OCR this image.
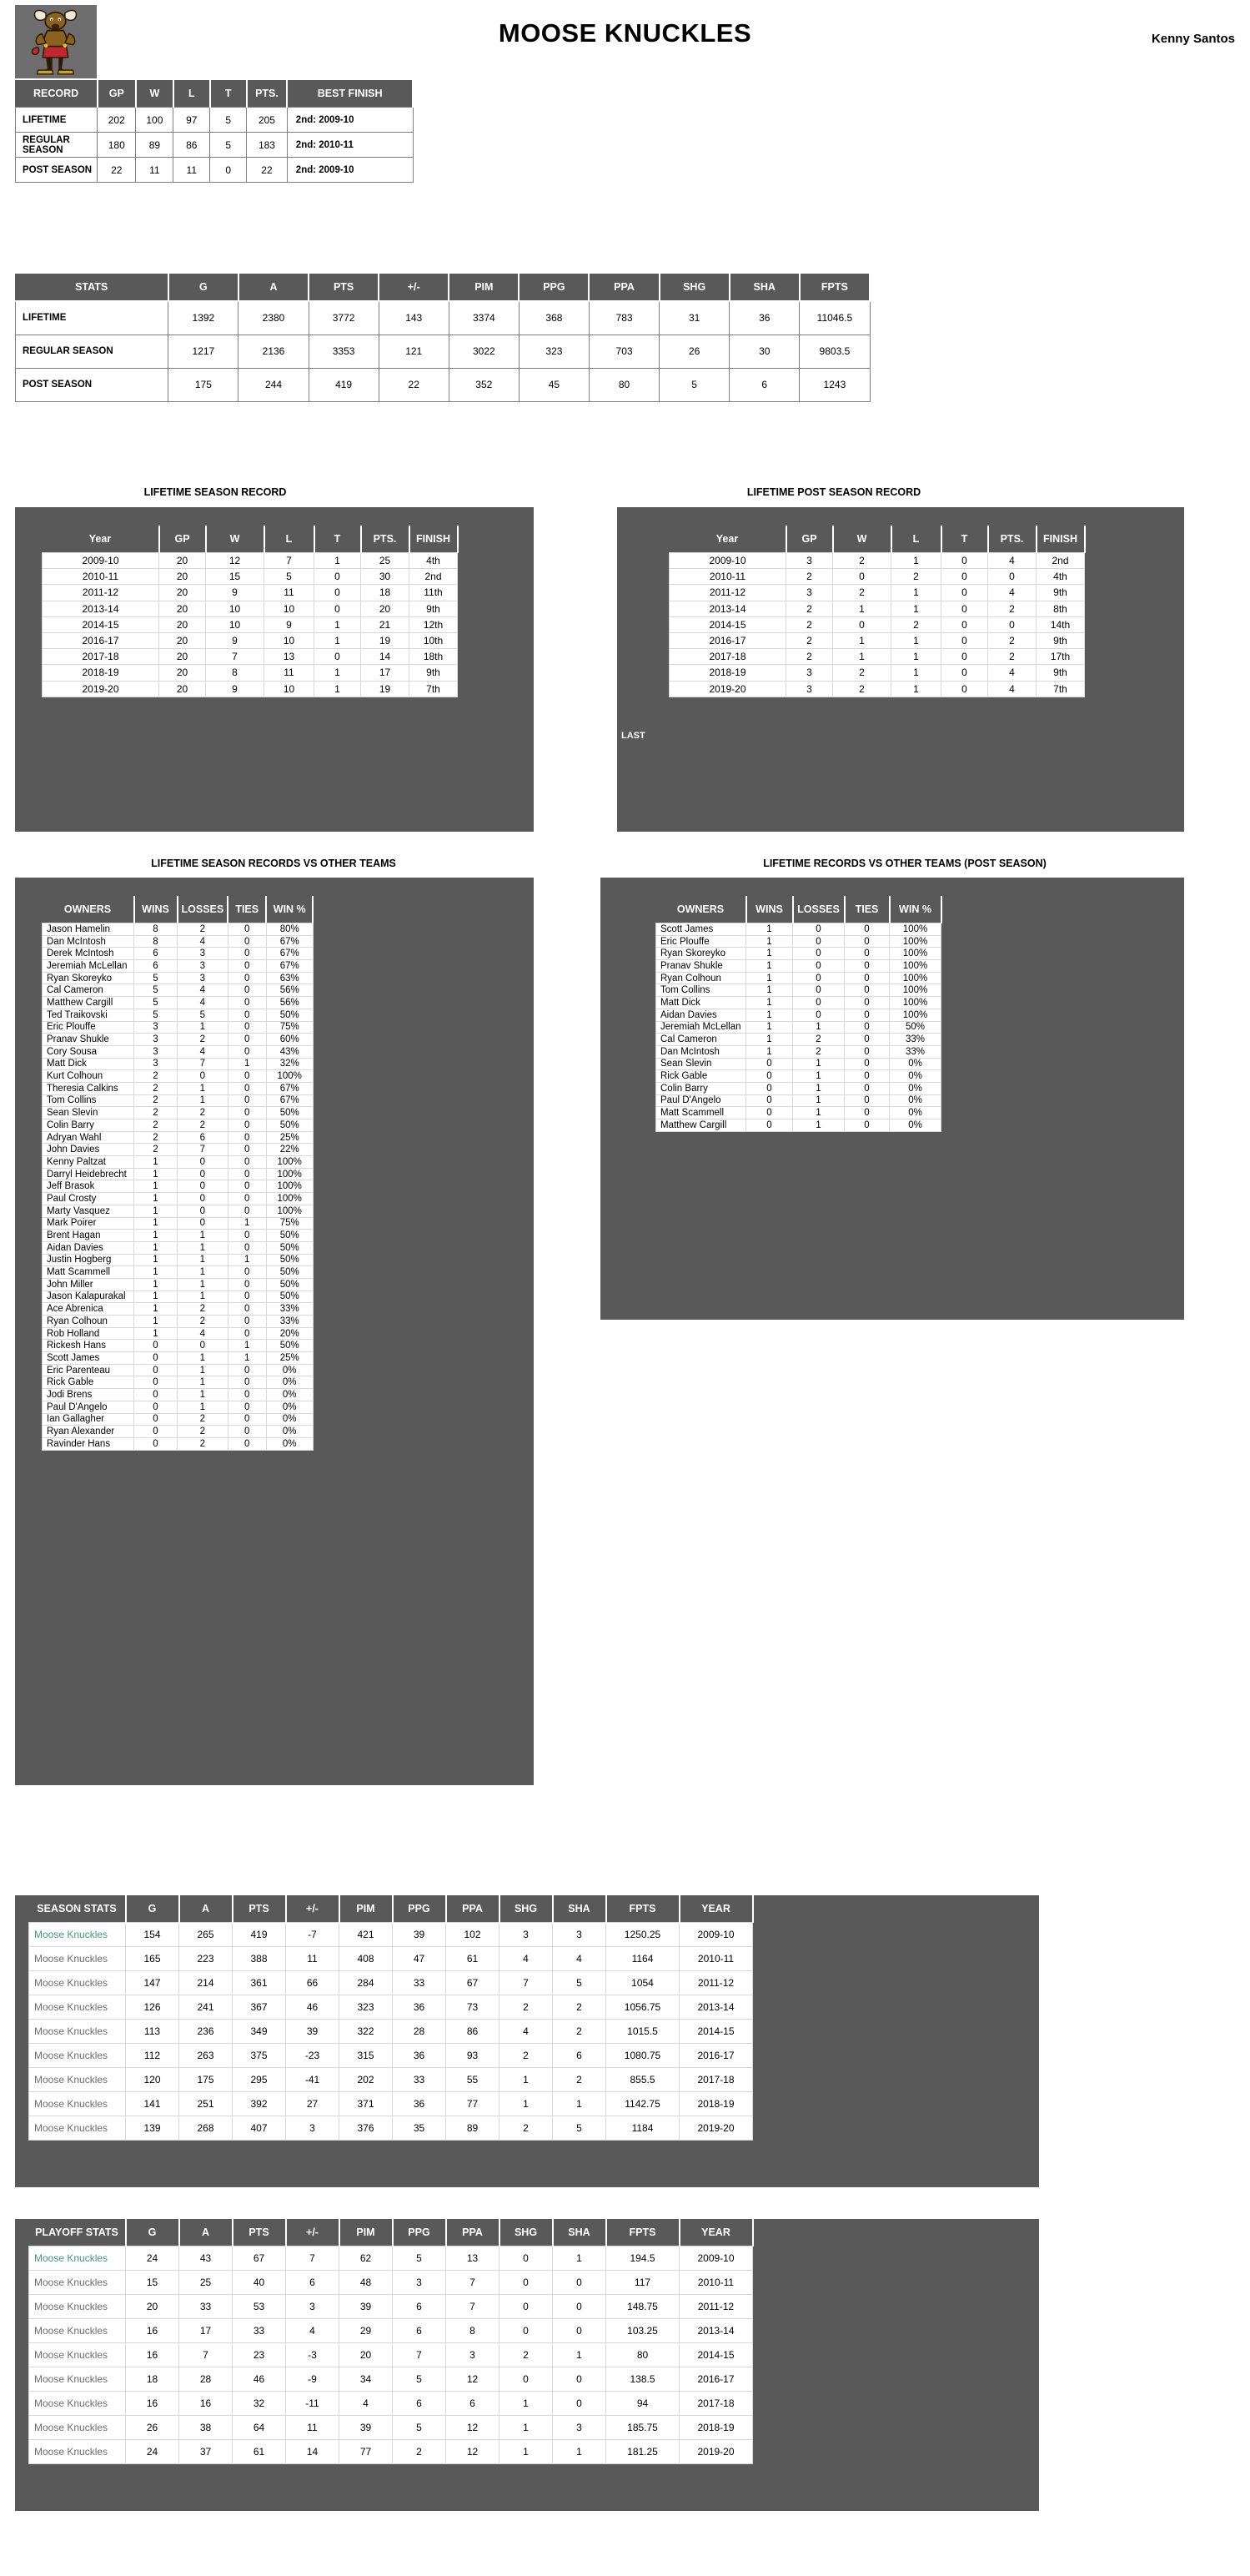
MOOSE KNUCKLES	Kenny Santos
RECORD	GP	W	L	T	PTS.	BEST FINISH
LIFETIME	202	100	97	5	205	2nd: 2009-10
REGULAR SEASON	180	89	86	5	183	2nd: 2010-11
POST SEASON	22	11	11	0	22	2nd: 2009-10
STATS	G	A	PTS	+/-	PIM	PPG	PPA	SHG	SHA	FPTS
LIFETIME	1392	2380	3772	143	3374	368	783	31	36	11046.5
REGULAR SEASON	1217	2136	3353	121	3022	323	703	26	30	9803.5
POST SEASON	175	244	419	22	352	45	80	5	6	1243
LIFETIME SEASON RECORD
Year	GP	W	L	T	PTS.	FINISH
2009-10	20	12	7	1	25	4th
2010-11	20	15	5	0	30	2nd
2011-12	20	9	11	0	18	11th
2013-14	20	10	10	0	20	9th
2014-15	20	10	9	1	21	12th
2016-17	20	9	10	1	19	10th
2017-18	20	7	13	0	14	18th
2018-19	20	8	11	1	17	9th
2019-20	20	9	10	1	19	7th
LIFETIME POST SEASON RECORD
LAST
Year	GP	W	L	T	PTS.	FINISH
2009-10	3	2	1	0	4	2nd
2010-11	2	0	2	0	0	4th
2011-12	3	2	1	0	4	9th
2013-14	2	1	1	0	2	8th
2014-15	2	0	2	0	0	14th
2016-17	2	1	1	0	2	9th
2017-18	2	1	1	0	2	17th
2018-19	3	2	1	0	4	9th
2019-20	3	2	1	0	4	7th
LIFETIME SEASON RECORDS VS OTHER TEAMS
OWNERS	WINS	LOSSES	TIES	WIN %
Jason Hamelin	8	2	0	80%
Dan McIntosh	8	4	0	67%
Derek McIntosh	6	3	0	67%
Jeremiah McLellan	6	3	0	67%
Ryan Skoreyko	5	3	0	63%
Cal Cameron	5	4	0	56%
Matthew Cargill	5	4	0	56%
Ted Traikovski	5	5	0	50%
Eric Plouffe	3	1	0	75%
Pranav Shukle	3	2	0	60%
Cory Sousa	3	4	0	43%
Matt Dick	3	7	1	32%
Kurt Colhoun	2	0	0	100%
Theresia Calkins	2	1	0	67%
Tom Collins	2	1	0	67%
Sean Slevin	2	2	0	50%
Colin Barry	2	2	0	50%
Adryan Wahl	2	6	0	25%
John Davies	2	7	0	22%
Kenny Paltzat	1	0	0	100%
Darryl Heidebrecht	1	0	0	100%
Jeff Brasok	1	0	0	100%
Paul Crosty	1	0	0	100%
Marty Vasquez	1	0	0	100%
Mark Poirer	1	0	1	75%
Brent Hagan	1	1	0	50%
Aidan Davies	1	1	0	50%
Justin Hogberg	1	1	1	50%
Matt Scammell	1	1	0	50%
John Miller	1	1	0	50%
Jason Kalapurakal	1	1	0	50%
Ace Abrenica	1	2	0	33%
Ryan Colhoun	1	2	0	33%
Rob Holland	1	4	0	20%
Rickesh Hans	0	0	1	50%
Scott James	0	1	1	25%
Eric Parenteau	0	1	0	0%
Rick Gable	0	1	0	0%
Jodi Brens	0	1	0	0%
Paul D'Angelo	0	1	0	0%
Ian Gallagher	0	2	0	0%
Ryan Alexander	0	2	0	0%
Ravinder Hans	0	2	0	0%
LIFETIME RECORDS VS OTHER TEAMS (POST SEASON)
OWNERS	WINS	LOSSES	TIES	WIN %
Scott James	1	0	0	100%
Eric Plouffe	1	0	0	100%
Ryan Skoreyko	1	0	0	100%
Pranav Shukle	1	0	0	100%
Ryan Colhoun	1	0	0	100%
Tom Collins	1	0	0	100%
Matt Dick	1	0	0	100%
Aidan Davies	1	0	0	100%
Jeremiah McLellan	1	1	0	50%
Cal Cameron	1	2	0	33%
Dan McIntosh	1	2	0	33%
Sean Slevin	0	1	0	0%
Rick Gable	0	1	0	0%
Colin Barry	0	1	0	0%
Paul D'Angelo	0	1	0	0%
Matt Scammell	0	1	0	0%
Matthew Cargill	0	1	0	0%
SEASON STATS	G	A	PTS	+/-	PIM	PPG	PPA	SHG	SHA	FPTS	YEAR
Moose Knuckles	154	265	419	-7	421	39	102	3	3	1250.25	2009-10
Moose Knuckles	165	223	388	11	408	47	61	4	4	1164	2010-11
Moose Knuckles	147	214	361	66	284	33	67	7	5	1054	2011-12
Moose Knuckles	126	241	367	46	323	36	73	2	2	1056.75	2013-14
Moose Knuckles	113	236	349	39	322	28	86	4	2	1015.5	2014-15
Moose Knuckles	112	263	375	-23	315	36	93	2	6	1080.75	2016-17
Moose Knuckles	120	175	295	-41	202	33	55	1	2	855.5	2017-18
Moose Knuckles	141	251	392	27	371	36	77	1	1	1142.75	2018-19
Moose Knuckles	139	268	407	3	376	35	89	2	5	1184	2019-20
PLAYOFF STATS	G	A	PTS	+/-	PIM	PPG	PPA	SHG	SHA	FPTS	YEAR
Moose Knuckles	24	43	67	7	62	5	13	0	1	194.5	2009-10
Moose Knuckles	15	25	40	6	48	3	7	0	0	117	2010-11
Moose Knuckles	20	33	53	3	39	6	7	0	0	148.75	2011-12
Moose Knuckles	16	17	33	4	29	6	8	0	0	103.25	2013-14
Moose Knuckles	16	7	23	-3	20	7	3	2	1	80	2014-15
Moose Knuckles	18	28	46	-9	34	5	12	0	0	138.5	2016-17
Moose Knuckles	16	16	32	-11	4	6	6	1	0	94	2017-18
Moose Knuckles	26	38	64	11	39	5	12	1	3	185.75	2018-19
Moose Knuckles	24	37	61	14	77	2	12	1	1	181.25	2019-20
